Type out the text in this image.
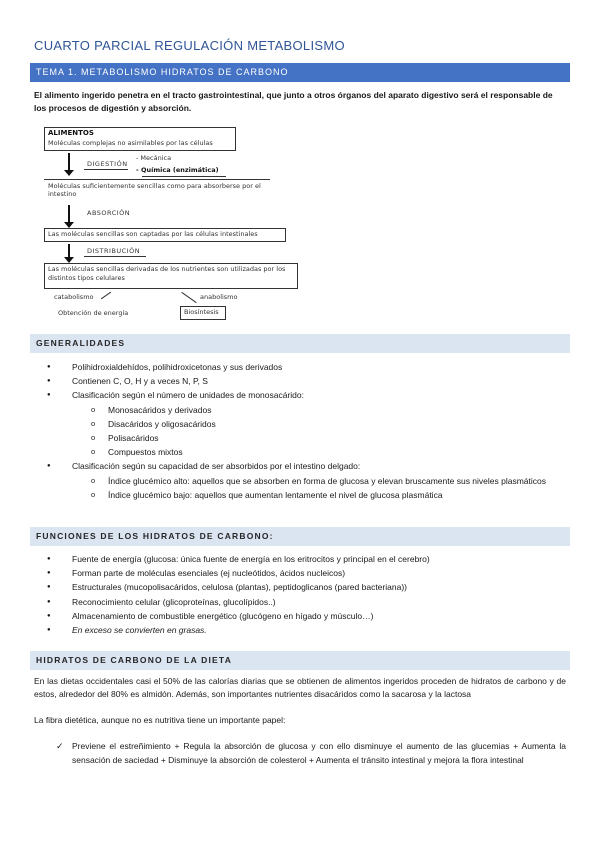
CUARTO PARCIAL REGULACIÓN METABOLISMO
TEMA 1. METABOLISMO HIDRATOS DE CARBONO
El alimento ingerido penetra en el tracto gastrointestinal, que junto a otros órganos del aparato digestivo será el responsable de los procesos de digestión y absorción.
ALIMENTOS
Moléculas complejas no asimilables por las células
DIGESTIÓN
- Mecánica
- Química (enzimática)
Moléculas suficientemente sencillas como para absorberse por el intestino
ABSORCIÓN
Las moléculas sencillas son captadas por las células intestinales
DISTRIBUCIÓN
Las moléculas sencillas derivadas de los nutrientes son utilizadas por los distintos tipos celulares
catabolismo
Obtención de energía
anabolismo
Biosíntesis
GENERALIDADES
● Polihidroxialdehídos, polihidroxicetonas y sus derivados
● Contienen C, O, H y a veces N, P, S
● Clasificación según el número de unidades de monosacárido:
o Monosacáridos y derivados
o Disacáridos y oligosacáridos
o Polisacáridos
o Compuestos mixtos
● Clasificación según su capacidad de ser absorbidos por el intestino delgado:
o Índice glucémico alto: aquellos que se absorben en forma de glucosa y elevan bruscamente sus niveles plasmáticos
o Índice glucémico bajo: aquellos que aumentan lentamente el nivel de glucosa plasmática
FUNCIONES DE LOS HIDRATOS DE CARBONO:
● Fuente de energía (glucosa: única fuente de energía en los eritrocitos y principal en el cerebro)
● Forman parte de moléculas esenciales (ej nucleótidos, ácidos nucleicos)
● Estructurales (mucopolisacáridos, celulosa (plantas), peptidoglicanos (pared bacteriana))
● Reconocimiento celular (glicoproteínas, glucolípidos..)
● Almacenamiento de combustible energético (glucógeno en hígado y músculo…)
● En exceso se convierten en grasas.
HIDRATOS DE CARBONO DE LA DIETA
En las dietas occidentales casi el 50% de las calorías diarias que se obtienen de alimentos ingeridos proceden de hidratos de carbono y de estos, alrededor del 80% es almidón. Además, son importantes nutrientes disacáridos como la sacarosa y la lactosa
La fibra dietética, aunque no es nutritiva tiene un importante papel:
✓ Previene el estreñimiento + Regula la absorción de glucosa y con ello disminuye el aumento de las glucemias + Aumenta la sensación de saciedad + Disminuye la absorción de colesterol + Aumenta el tránsito intestinal y mejora la flora intestinal
